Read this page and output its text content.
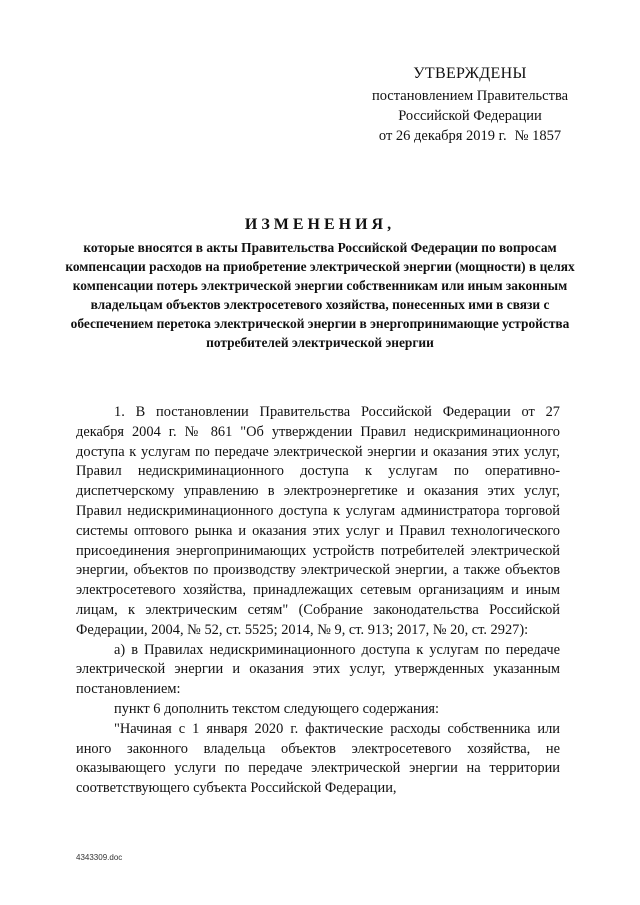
УТВЕРЖДЕНЫ
постановлением Правительства
Российской Федерации
от 26 декабря 2019 г. № 1857
ИЗМЕНЕНИЯ,
которые вносятся в акты Правительства Российской Федерации по вопросам компенсации расходов на приобретение электрической энергии (мощности) в целях компенсации потерь электрической энергии собственникам или иным законным владельцам объектов электросетевого хозяйства, понесенных ими в связи с обеспечением перетока электрической энергии в энергопринимающие устройства потребителей электрической энергии

1. В постановлении Правительства Российской Федерации от 27 декабря 2004 г. № 861 "Об утверждении Правил недискриминационного доступа к услугам по передаче электрической энергии и оказания этих услуг, Правил недискриминационного доступа к услугам по оперативно-диспетчерскому управлению в электроэнергетике и оказания этих услуг, Правил недискриминационного доступа к услугам администратора торговой системы оптового рынка и оказания этих услуг и Правил технологического присоединения энергопринимающих устройств потребителей электрической энергии, объектов по производству электрической энергии, а также объектов электросетевого хозяйства, принадлежащих сетевым организациям и иным лицам, к электрическим сетям" (Собрание законодательства Российской Федерации, 2004, № 52, ст. 5525; 2014, № 9, ст. 913; 2017, № 20, ст. 2927):

а) в Правилах недискриминационного доступа к услугам по передаче электрической энергии и оказания этих услуг, утвержденных указанным постановлением:

пункт 6 дополнить текстом следующего содержания:

"Начиная с 1 января 2020 г. фактические расходы собственника или иного законного владельца объектов электросетевого хозяйства, не оказывающего услуги по передаче электрической энергии на территории соответствующего субъекта Российской Федерации,

4343309.doc
